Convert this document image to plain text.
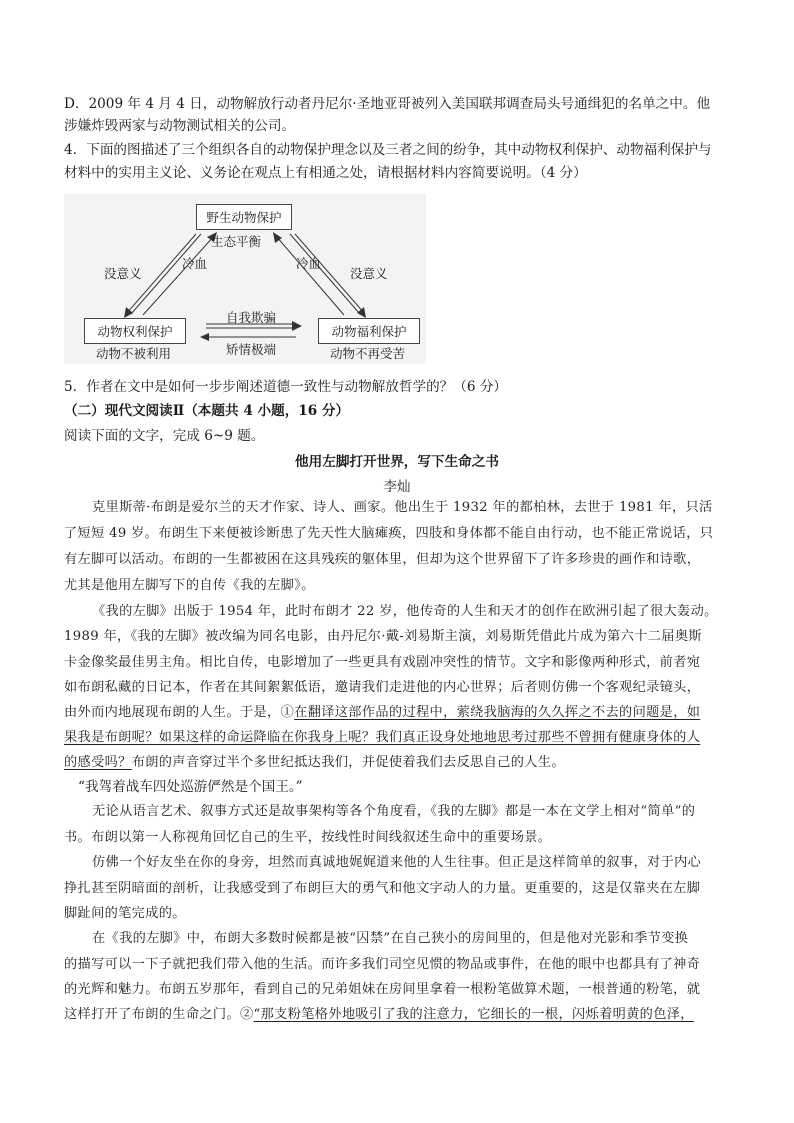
D．2009 年 4 月 4 日，动物解放行动者丹尼尔·圣地亚哥被列入美国联邦调查局头号通缉犯的名单之中。他
涉嫌炸毁两家与动物测试相关的公司。
4．下面的图描述了三个组织各自的动物保护理念以及三者之间的纷争，其中动物权利保护、动物福利保护与
材料中的实用主义论、义务论在观点上有相通之处，请根据材料内容简要说明。（4 分）
野生动物保护
生态平衡
动物权利保护
动物不被利用
动物福利保护
动物不再受苦
没意义
冷血	冷血
没意义
自我欺骗
矫情极端
5．作者在文中是如何一步步阐述道德一致性与动物解放哲学的？（6 分）
（二）现代文阅读Ⅱ（本题共 4 小题，16 分）
阅读下面的文字，完成 6~9 题。
他用左脚打开世界，写下生命之书
李灿
克里斯蒂·布朗是爱尔兰的天才作家、诗人、画家。他出生于 1932 年的都柏林，去世于 1981 年，只活
了短短 49 岁。布朗生下来便被诊断患了先天性大脑瘫痪，四肢和身体都不能自由行动，也不能正常说话，只
有左脚可以活动。布朗的一生都被困在这具残疾的躯体里，但却为这个世界留下了许多珍贵的画作和诗歌，
尤其是他用左脚写下的自传《我的左脚》。
《我的左脚》出版于 1954 年，此时布朗才 22 岁，他传奇的人生和天才的创作在欧洲引起了很大轰动。
1989 年，《我的左脚》被改编为同名电影，由丹尼尔·戴-刘易斯主演，刘易斯凭借此片成为第六十二届奥斯
卡金像奖最佳男主角。相比自传，电影增加了一些更具有戏剧冲突性的情节。文字和影像两种形式，前者宛
如布朗私藏的日记本，作者在其间絮絮低语，邀请我们走进他的内心世界；后者则仿佛一个客观纪录镜头，
由外而内地展现布朗的人生。于是，①在翻译这部作品的过程中，萦绕我脑海的久久挥之不去的问题是，如
果我是布朗呢？如果这样的命运降临在你我身上呢？我们真正设身处地地思考过那些不曾拥有健康身体的人
的感受吗？布朗的声音穿过半个多世纪抵达我们，并促使着我们去反思自己的人生。
“我驾着战车四处巡游俨然是个国王。”
无论从语言艺术、叙事方式还是故事架构等各个角度看，《我的左脚》都是一本在文学上相对“简单”的
书。布朗以第一人称视角回忆自己的生平，按线性时间线叙述生命中的重要场景。
仿佛一个好友坐在你的身旁，坦然而真诚地娓娓道来他的人生往事。但正是这样简单的叙事，对于内心
挣扎甚至阴暗面的剖析，让我感受到了布朗巨大的勇气和他文字动人的力量。更重要的，这是仅靠夹在左脚
脚趾间的笔完成的。
在《我的左脚》中，布朗大多数时候都是被“囚禁”在自己狭小的房间里的，但是他对光影和季节变换
的描写可以一下子就把我们带入他的生活。而许多我们司空见惯的物品或事件，在他的眼中也都具有了神奇
的光辉和魅力。布朗五岁那年，看到自己的兄弟姐妹在房间里拿着一根粉笔做算术题，一根普通的粉笔，就
这样打开了布朗的生命之门。②“那支粉笔格外地吸引了我的注意力，它细长的一根，闪烁着明黄的色泽，
